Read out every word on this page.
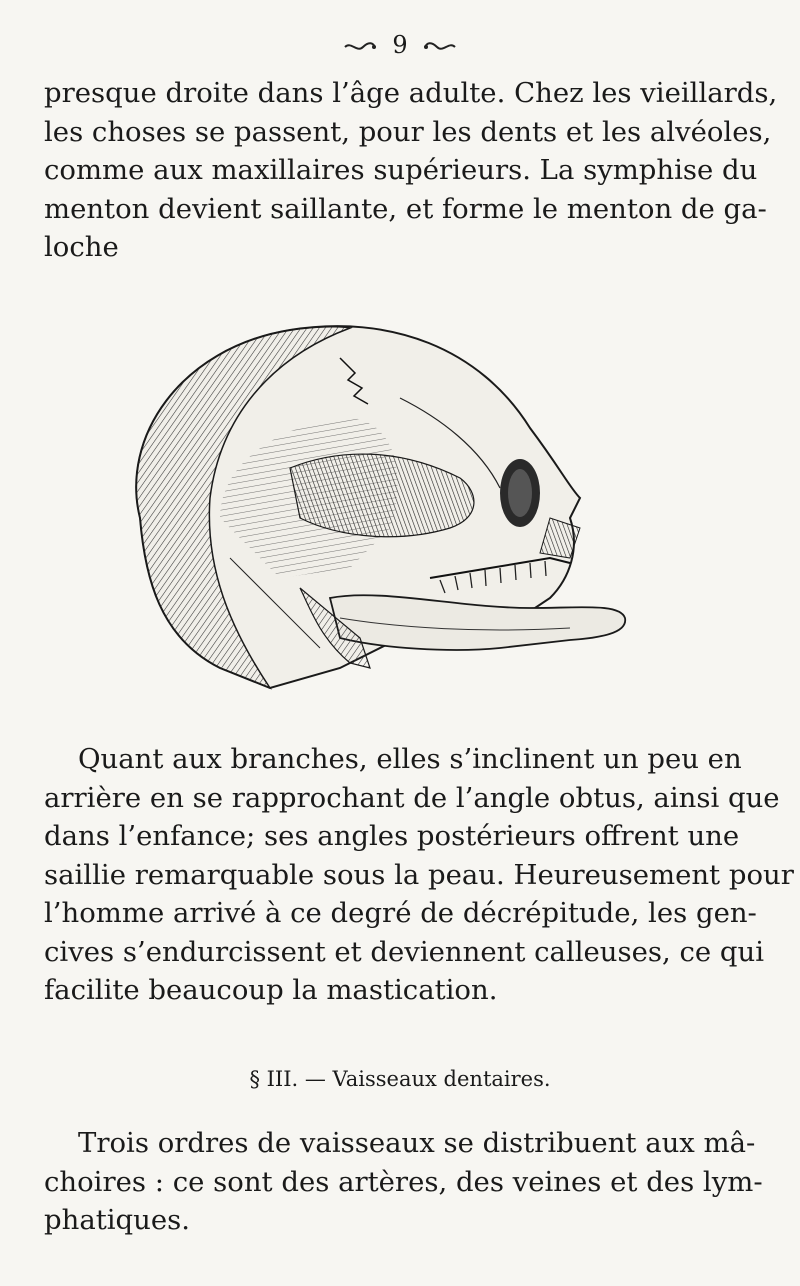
9
presque droite dans l’âge adulte. Chez les vieillards,
les choses se passent, pour les dents et les alvéoles,
comme aux maxillaires supérieurs. La symphise du
menton devient saillante, et forme le menton de ga-
loche
Quant aux branches, elles s’inclinent un peu en
arrière en se rapprochant de l’angle obtus, ainsi que
dans l’enfance; ses angles postérieurs offrent une
saillie remarquable sous la peau. Heureusement pour
l’homme arrivé à ce degré de décrépitude, les gen-
cives s’endurcissent et deviennent calleuses, ce qui
facilite beaucoup la mastication.
§ III. — Vaisseaux dentaires.
Trois ordres de vaisseaux se distribuent aux mâ-
choires : ce sont des artères, des veines et des lym-
phatiques.
